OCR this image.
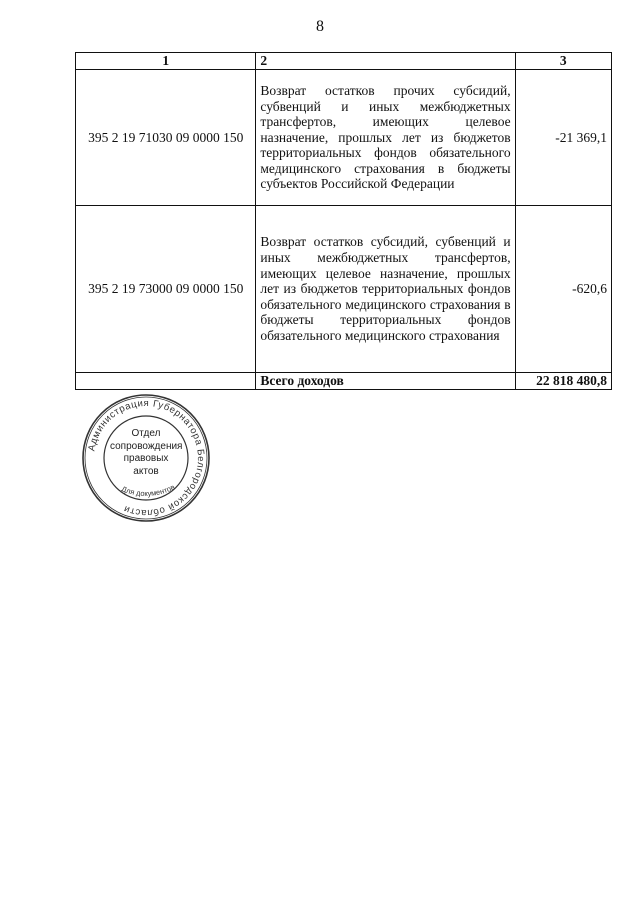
8
1	2	3
395 2 19 71030 09 0000 150	Возврат остатков прочих субсидий, субвенций и иных межбюджетных трансфертов, имеющих целевое назначение, прошлых лет из бюджетов территориальных фондов обязательного медицинского страхования в бюджеты субъектов Российской Федерации	-21 369,1
395 2 19 73000 09 0000 150	Возврат остатков субсидий, субвенций и иных межбюджетных трансфертов, имеющих целевое назначение, прошлых лет из бюджетов территориальных фондов обязательного медицинского страхования в бюджеты территориальных фондов обязательного медицинского страхования	-620,6
	Всего доходов	22 818 480,8
Администрация Губернатора Белгородской области
Для документов
Отдел
сопровождения
правовых
актов
